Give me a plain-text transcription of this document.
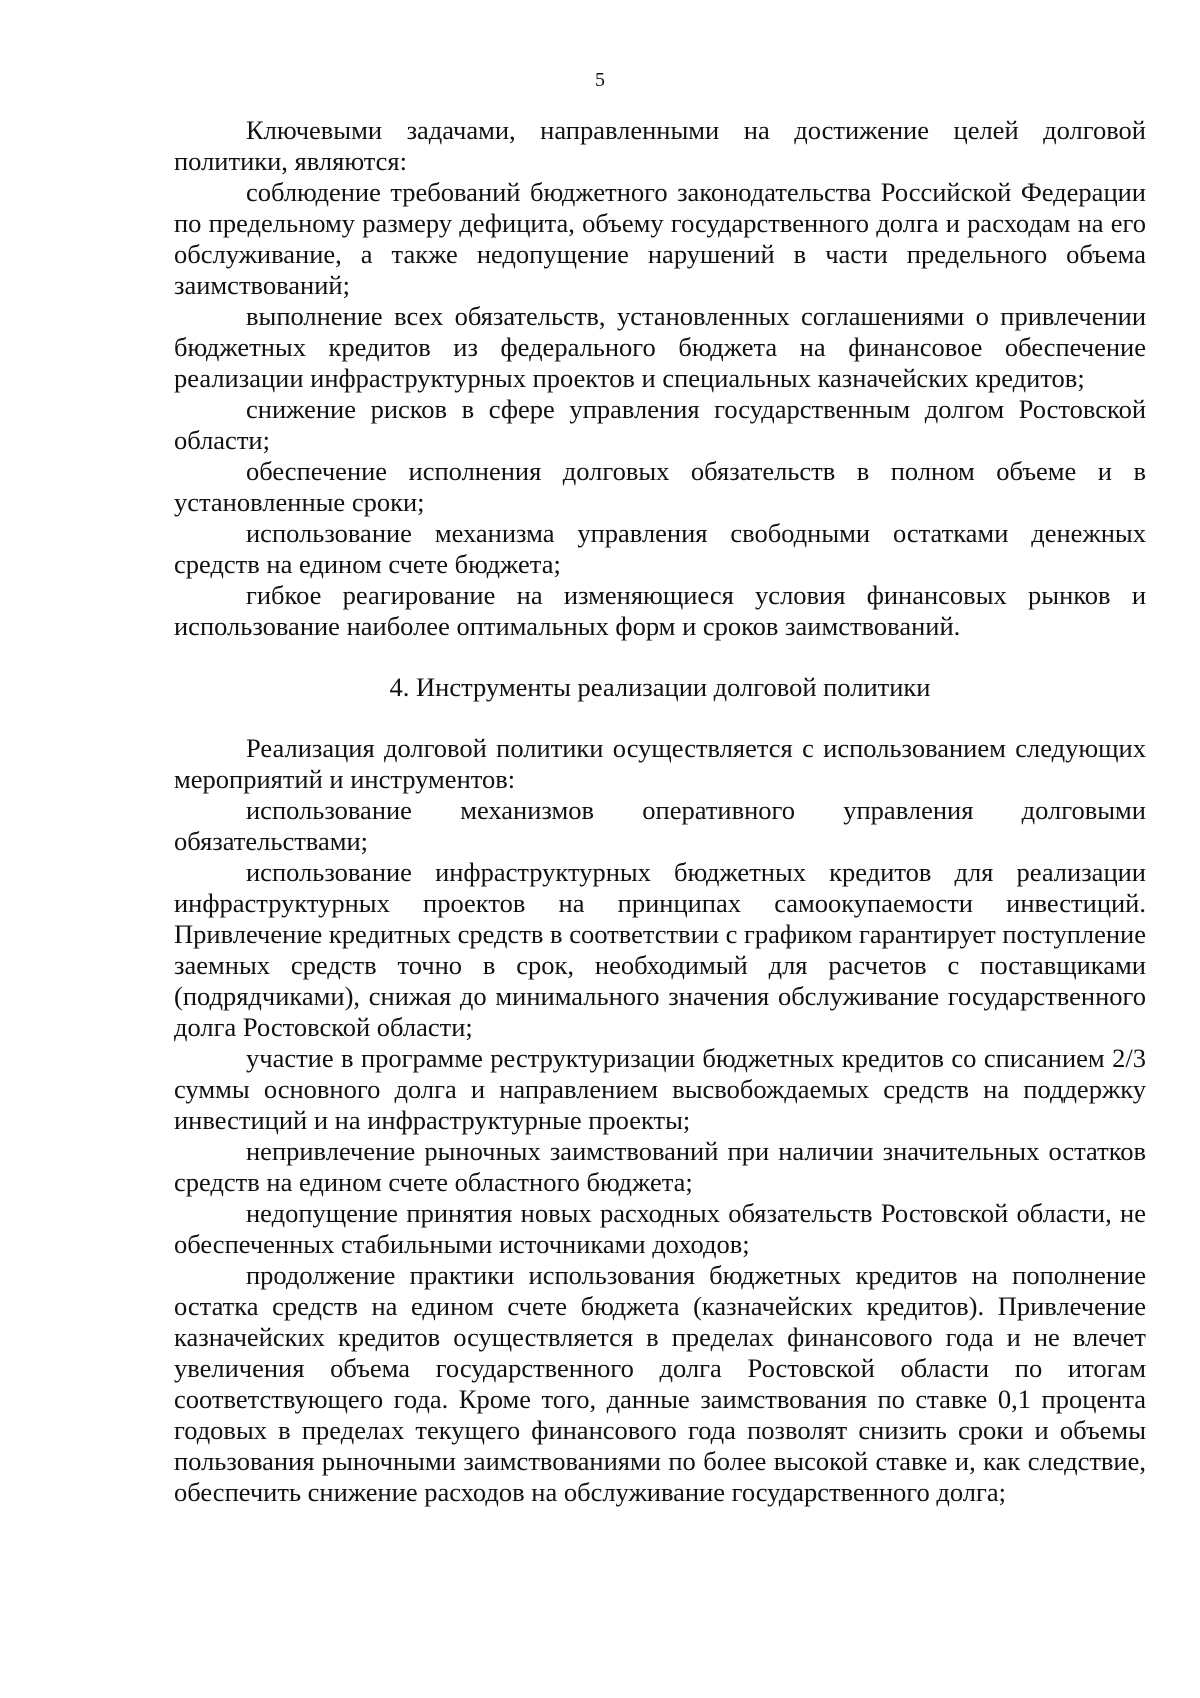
5

Ключевыми задачами, направленными на достижение целей долговой политики, являются:

соблюдение требований бюджетного законодательства Российской Федерации по предельному размеру дефицита, объему государственного долга и расходам на его обслуживание, а также недопущение нарушений в части предельного объема заимствований;

выполнение всех обязательств, установленных соглашениями о привлечении бюджетных кредитов из федерального бюджета на финансовое обеспечение реализации инфраструктурных проектов и специальных казначейских кредитов;

снижение рисков в сфере управления государственным долгом Ростовской области;

обеспечение исполнения долговых обязательств в полном объеме и в установленные сроки;

использование механизма управления свободными остатками денежных средств на едином счете бюджета;

гибкое реагирование на изменяющиеся условия финансовых рынков и использование наиболее оптимальных форм и сроков заимствований.

4. Инструменты реализации долговой политики

Реализация долговой политики осуществляется с использованием следующих мероприятий и инструментов:

использование механизмов оперативного управления долговыми обязательствами;

использование инфраструктурных бюджетных кредитов для реализации инфраструктурных проектов на принципах самоокупаемости инвестиций. Привлечение кредитных средств в соответствии с графиком гарантирует поступление заемных средств точно в срок, необходимый для расчетов с поставщиками (подрядчиками), снижая до минимального значения обслуживание государственного долга Ростовской области;

участие в программе реструктуризации бюджетных кредитов со списанием 2/3 суммы основного долга и направлением высвобождаемых средств на поддержку инвестиций и на инфраструктурные проекты;

непривлечение рыночных заимствований при наличии значительных остатков средств на едином счете областного бюджета;

недопущение принятия новых расходных обязательств Ростовской области, не обеспеченных стабильными источниками доходов;

продолжение практики использования бюджетных кредитов на пополнение остатка средств на едином счете бюджета (казначейских кредитов). Привлечение казначейских кредитов осуществляется в пределах финансового года и не влечет увеличения объема государственного долга Ростовской области по итогам соответствующего года. Кроме того, данные заимствования по ставке 0,1 процента годовых в пределах текущего финансового года позволят снизить сроки и объемы пользования рыночными заимствованиями по более высокой ставке и, как следствие, обеспечить снижение расходов на обслуживание государственного долга;
